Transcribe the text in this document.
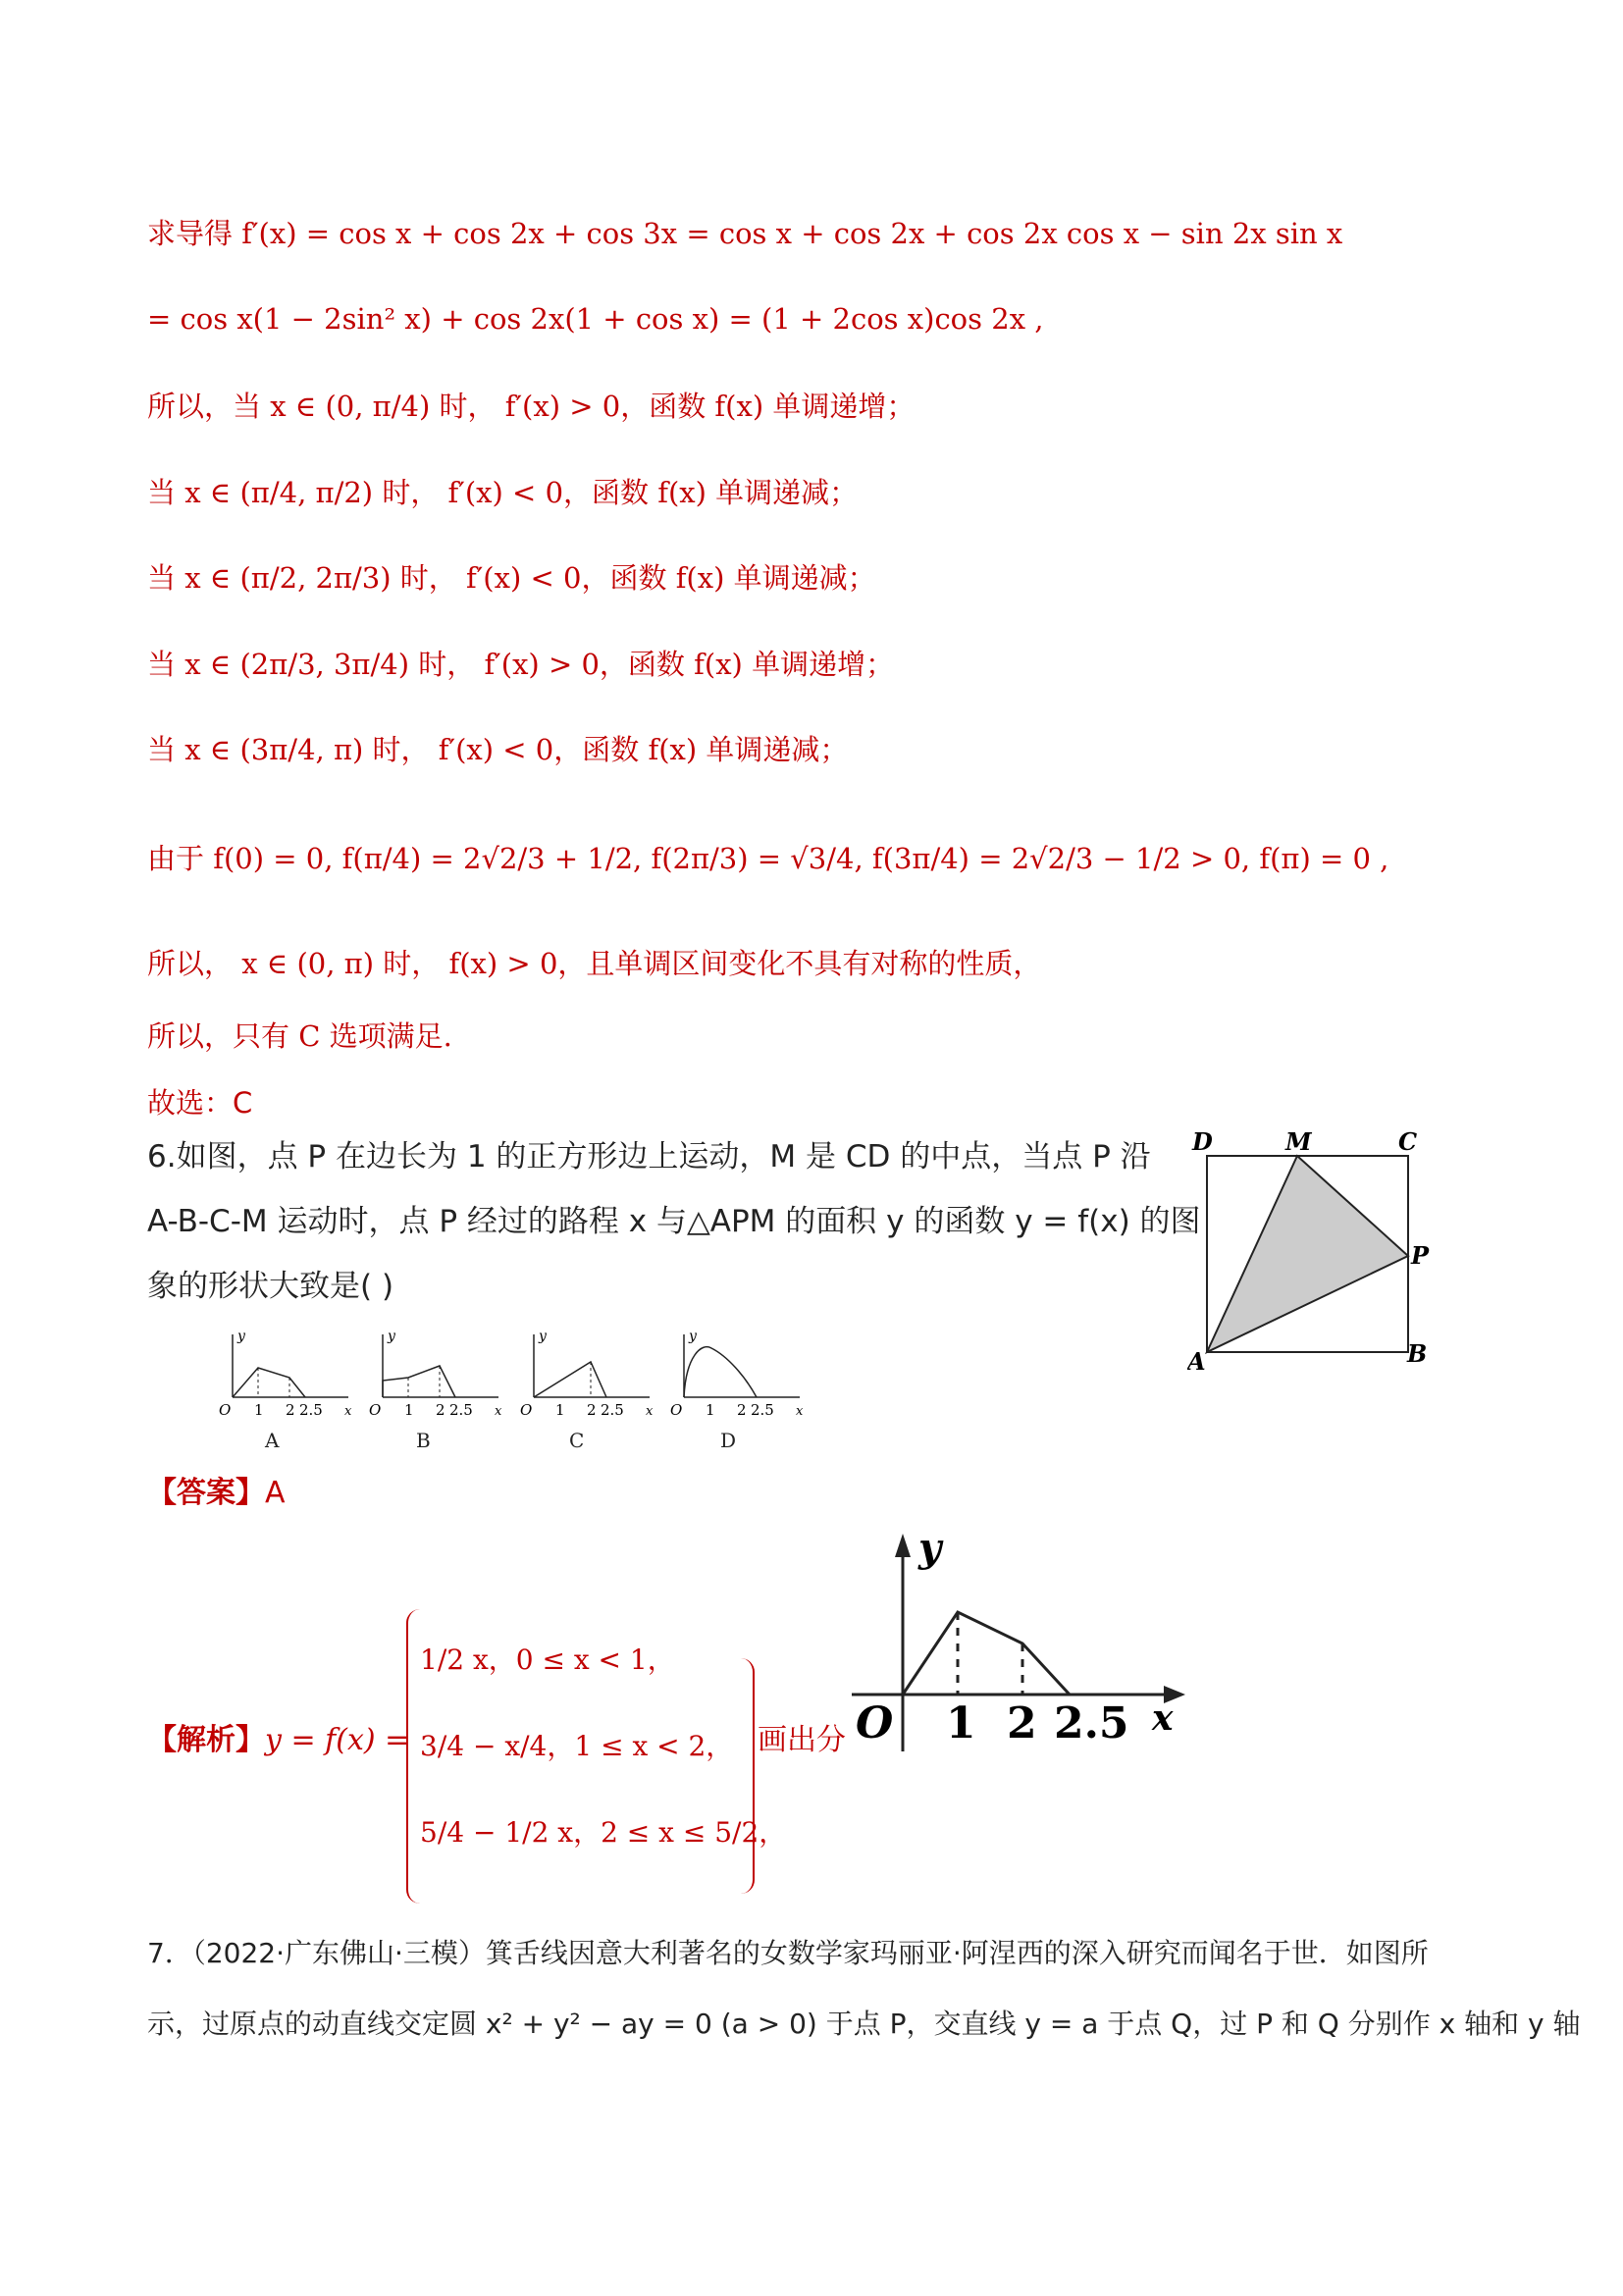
求导得 f′(x) = cos x + cos 2x + cos 3x = cos x + cos 2x + cos 2x cos x − sin 2x sin x
= cos x(1 − 2sin² x) + cos 2x(1 + cos x) = (1 + 2cos x)cos 2x ,
所以，当 x ∈ (0, π/4) 时， f′(x) > 0，函数 f(x) 单调递增；
当 x ∈ (π/4, π/2) 时， f′(x) < 0，函数 f(x) 单调递减；
当 x ∈ (π/2, 2π/3) 时， f′(x) < 0，函数 f(x) 单调递减；
当 x ∈ (2π/3, 3π/4) 时， f′(x) > 0，函数 f(x) 单调递增；
当 x ∈ (3π/4, π) 时， f′(x) < 0，函数 f(x) 单调递减；
由于 f(0) = 0, f(π/4) = 2√2/3 + 1/2, f(2π/3) = √3/4, f(3π/4) = 2√2/3 − 1/2 > 0, f(π) = 0 ,
所以， x ∈ (0, π) 时， f(x) > 0，且单调区间变化不具有对称的性质，
所以，只有 C 选项满足.
故选：C
6.如图，点 P 在边长为 1 的正方形边上运动，M 是 CD 的中点，当点 P 沿
A-B-C-M 运动时，点 P 经过的路程 x 与△APM 的面积 y 的函数 y = f(x) 的图
象的形状大致是( )
D	M	C
P
A	B
y
x
O 1 2 2.5
A
y
x
O 1 2 2.5
B
y
x
O 1 2 2.5
C
y
x
O 1 2 2.5
D
【答案】A
【解析】y = f(x) =
1/2 x，0 ≤ x < 1，
3/4 − x/4，1 ≤ x < 2，
5/4 − 1/2 x，2 ≤ x ≤ 5/2，
画出分
y
x
O 1 2 2.5
7．（2022·广东佛山·三模）箕舌线因意大利著名的女数学家玛丽亚·阿涅西的深入研究而闻名于世．如图所
示，过原点的动直线交定圆 x² + y² − ay = 0 (a > 0) 于点 P，交直线 y = a 于点 Q，过 P 和 Q 分别作 x 轴和 y 轴
